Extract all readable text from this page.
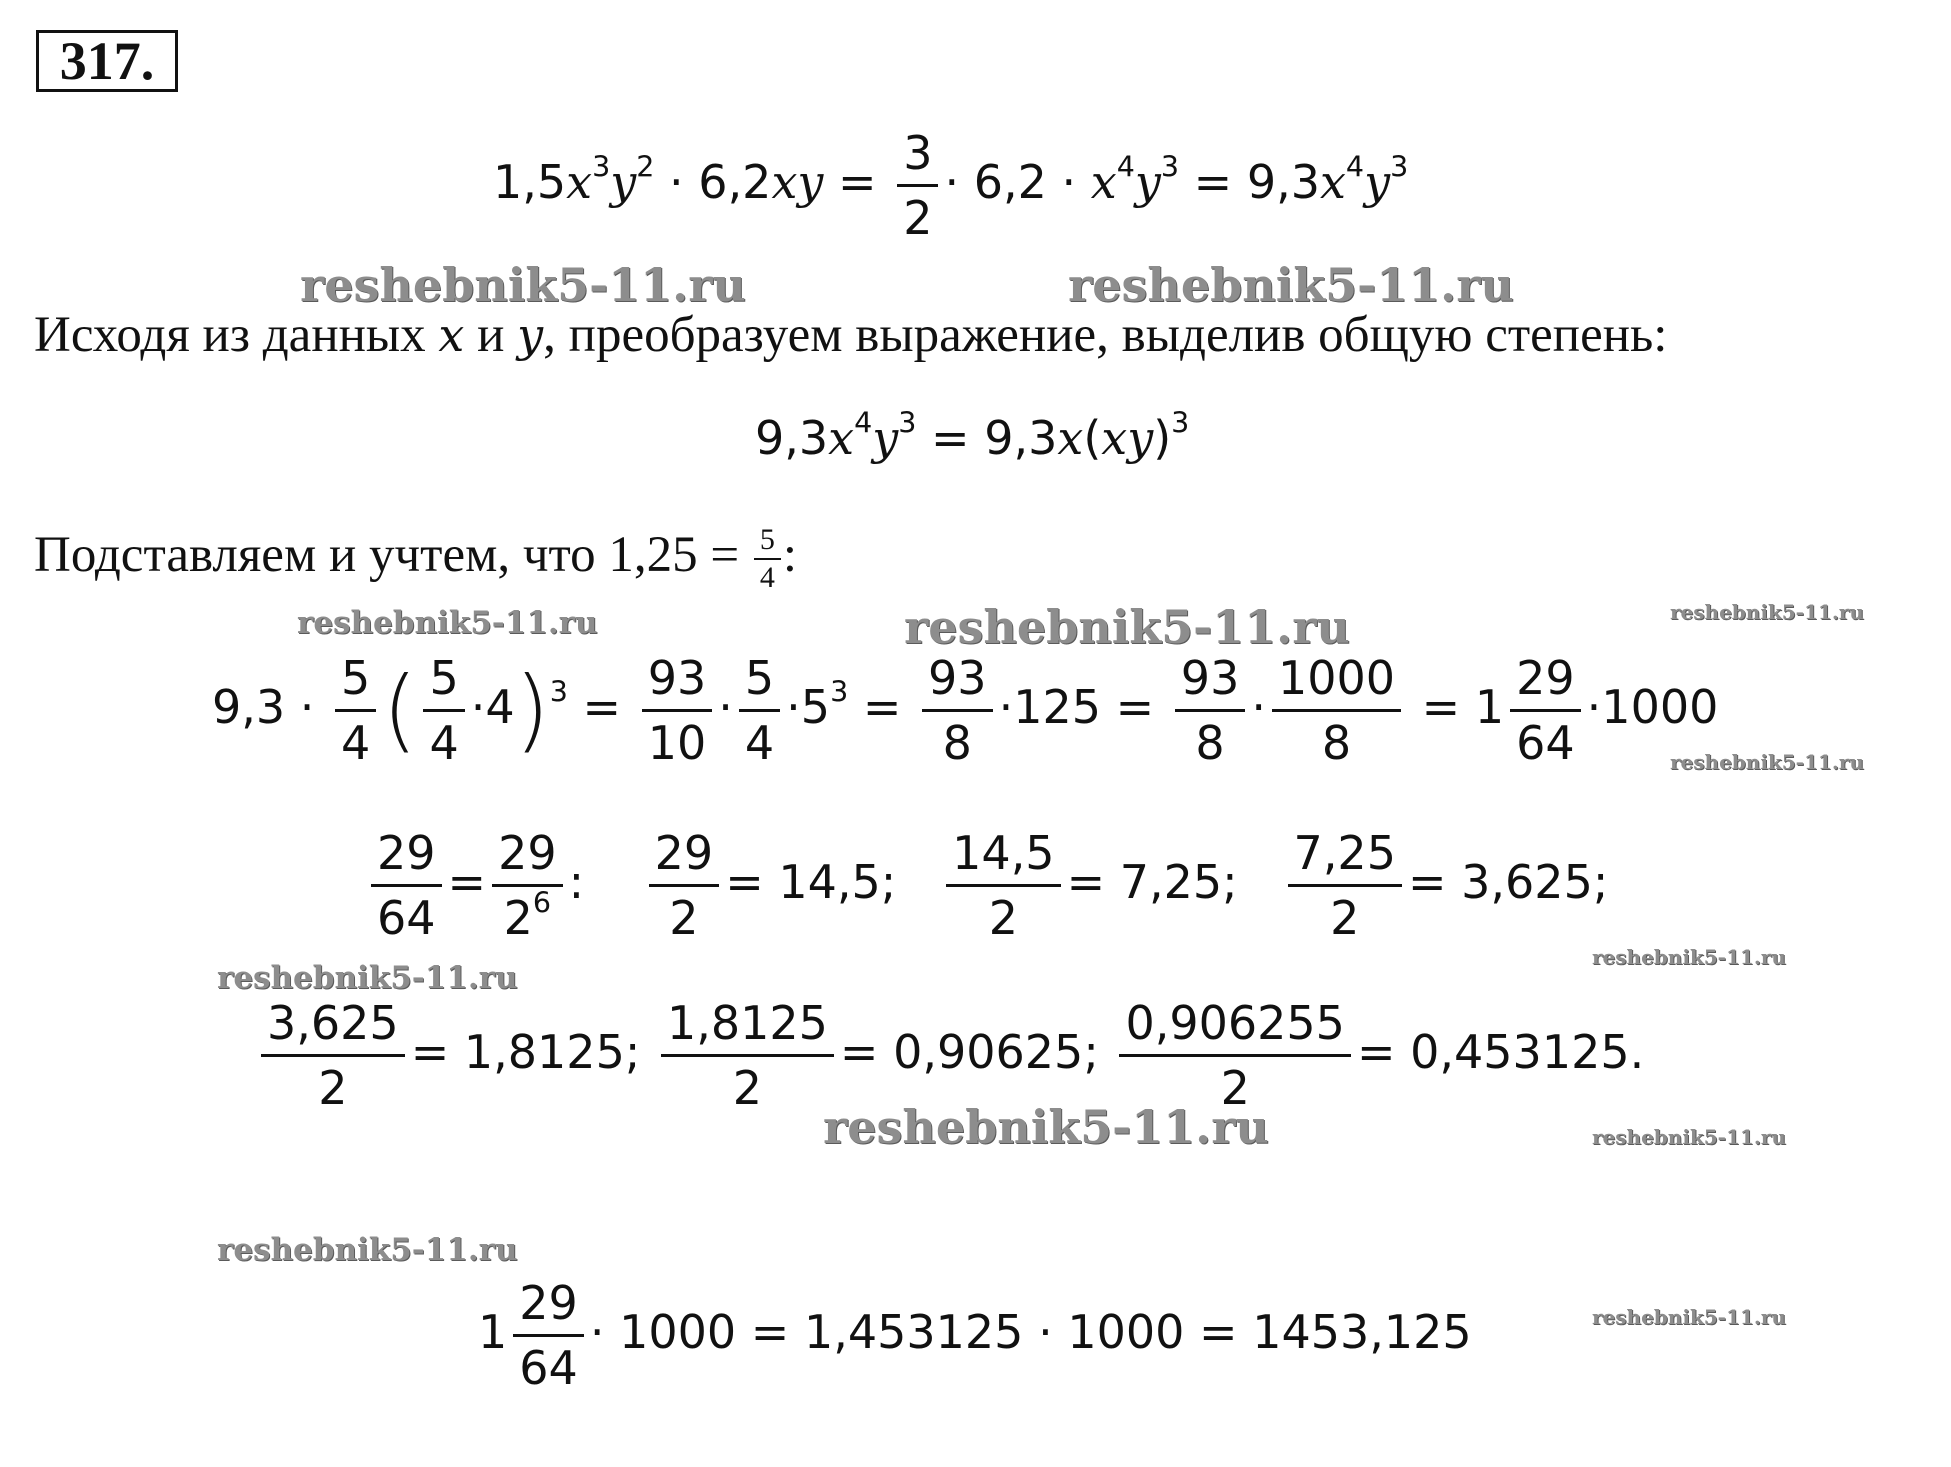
317.
$1,5x^3y^2 \cdot 6,2xy = \frac{3}{2} \cdot 6,2 \cdot x^4y^3 = 9,3x^4y^3$
reshebnik5-11.ru	reshebnik5-11.ru
Исходя из данных x и y, преобразуем выражение, выделив общую степень:
$9,3x^4y^3 = 9,3x(xy)^3$
Подставляем и учтем, что $1,25 = \frac{5}{4}$ :
reshebnik5-11.ru	reshebnik5-11.ru	reshebnik5-11.ru
$9,3 \cdot \frac{5}{4}$ ( $\frac{5}{4} \cdot 4)^3 = \frac{93}{10} \cdot \frac{5}{4} \cdot 5^3 = \frac{93}{8} \cdot 125 = \frac{93}{8} \cdot \frac{1000}{8} = 1 \frac{29}{64} \cdot 1000$
reshebnik5-11.ru
$\frac{29}{64} = \frac{29}{2^6}$ : $\frac{29}{2} = 14,5$; $\frac{14,5}{2} = 7,25$; $\frac{7,25}{2} = 3,625$;
reshebnik5-11.ru
reshebnik5-11.ru
$\frac{3,625}{2} = 1,8125$; $\frac{1,8125}{2} = 0,90625$; $\frac{0,906255}{2} = 0,453125$.
reshebnik5-11.ru	reshebnik5-11.ru
reshebnik5-11.ru
$1 \frac{29}{64} \cdot 1000 = 1,453125 \cdot 1000 = 1453,125$	reshebnik5-11.ru
